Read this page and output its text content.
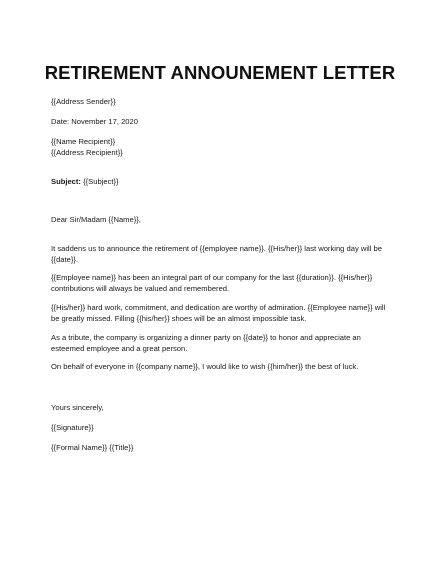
RETIREMENT ANNOUNEMENT LETTER
{{Address Sender}}
Date: November 17, 2020
{{Name Recipient}}
{{Address Recipient}}
Subject: {{Subject}}
Dear Sir/Madam {{Name}},
It saddens us to announce the retirement of {{employee name}}. {{His/her}} last working day will be {{date}}.
{{Employee name}} has been an integral part of our company for the last {{duration}}. {{His/her}} contributions will always be valued and remembered.
{{His/her}} hard work, commitment, and dedication are worthy of admiration. {{Employee name}} will be greatly missed. Filling {{his/her}} shoes will be an almost impossible task.
As a tribute, the company is organizing a dinner party on {{date}} to honor and appreciate an esteemed employee and a great person.
On behalf of everyone in {{company name}}, I would like to wish {{him/her}} the best of luck.
Yours sincerely,
{{Signature}}
{{Formal Name}} {{Title}}
